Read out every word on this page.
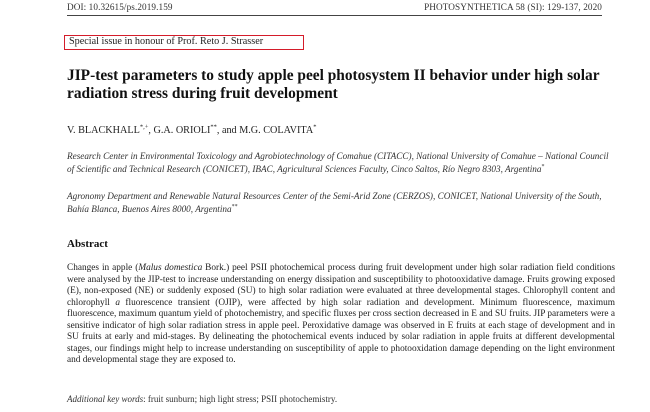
DOI: 10.32615/ps.2019.159	PHOTOSYNTHETICA 58 (SI): 129-137, 2020
Special issue in honour of Prof. Reto J. Strasser
JIP-test parameters to study apple peel photosystem II behavior under high solar radiation stress during fruit development
V. BLACKHALL*,+, G.A. ORIOLI**, and M.G. COLAVITA*

Research Center in Environmental Toxicology and Agrobiotechnology of Comahue (CITACC), National University of Comahue – National Council of Scientific and Technical Research (CONICET), IBAC, Agricultural Sciences Faculty, Cinco Saltos, Río Negro 8303, Argentina*

Agronomy Department and Renewable Natural Resources Center of the Semi-Arid Zone (CERZOS), CONICET, National University of the South, Bahía Blanca, Buenos Aires 8000, Argentina**

Abstract

Changes in apple (Malus domestica Bork.) peel PSII photochemical process during fruit development under high solar radiation field conditions were analysed by the JIP-test to increase understanding on energy dissipation and susceptibility to photooxidative damage. Fruits growing exposed (E), non-exposed (NE) or suddenly exposed (SU) to high solar radiation were evaluated at three developmental stages. Chlorophyll content and chlorophyll a fluorescence transient (OJIP), were affected by high solar radiation and development. Minimum fluorescence, maximum fluorescence, maximum quantum yield of photochemistry, and specific fluxes per cross section decreased in E and SU fruits. JIP parameters were a sensitive indicator of high solar radiation stress in apple peel. Peroxidative damage was observed in E fruits at each stage of development and in SU fruits at early and mid-stages. By delineating the photochemical events induced by solar radiation in apple fruits at different developmental stages, our findings might help to increase understanding on susceptibility of apple to photooxidation damage depending on the light environment and developmental stage they are exposed to.

Additional key words: fruit sunburn; high light stress; PSII photochemistry.
